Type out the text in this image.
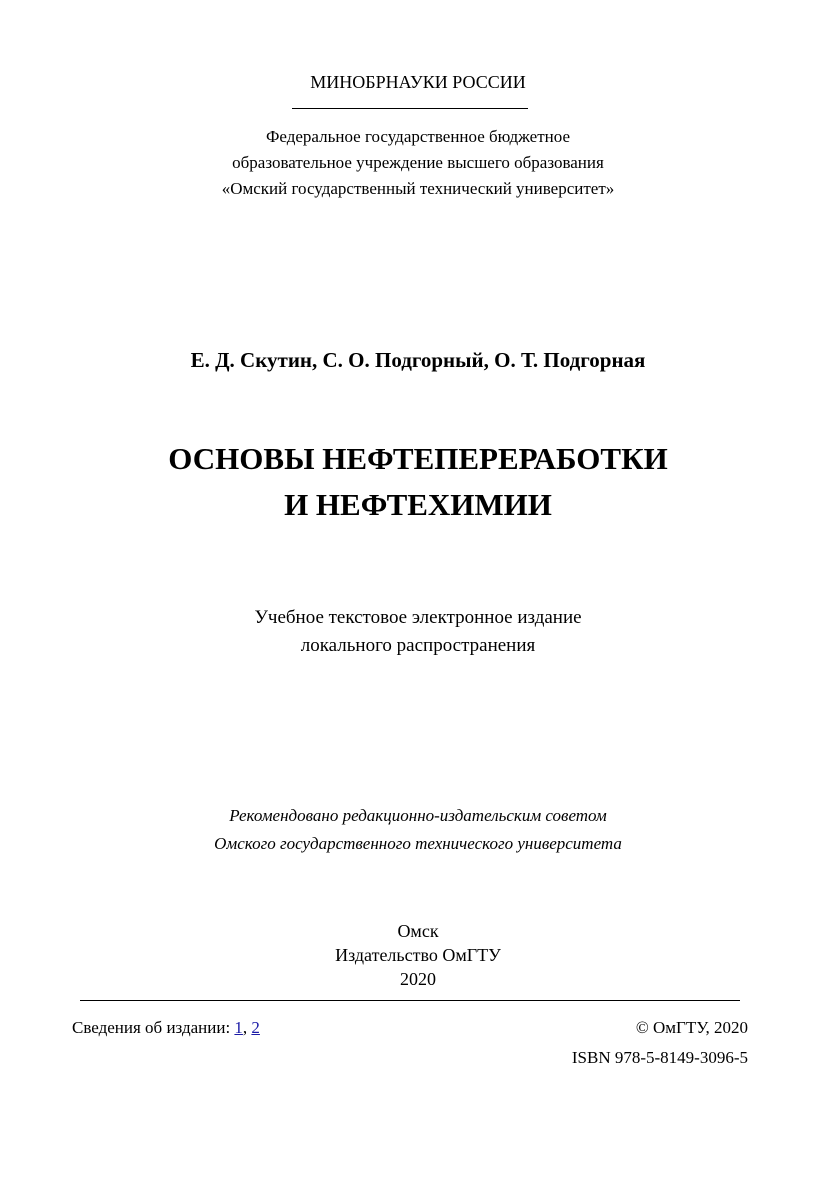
МИНОБРНАУКИ РОССИИ
Федеральное государственное бюджетное
образовательное учреждение высшего образования
«Омский государственный технический университет»
Е. Д. Скутин, С. О. Подгорный, О. Т. Подгорная
ОСНОВЫ НЕФТЕПЕРЕРАБОТКИ
И НЕФТЕХИМИИ
Учебное текстовое электронное издание
локального распространения
Рекомендовано редакционно-издательским советом
Омского государственного технического университета
Омск
Издательство ОмГТУ
2020
Сведения об издании: 1, 2	© ОмГТУ, 2020
ISBN 978-5-8149-3096-5
